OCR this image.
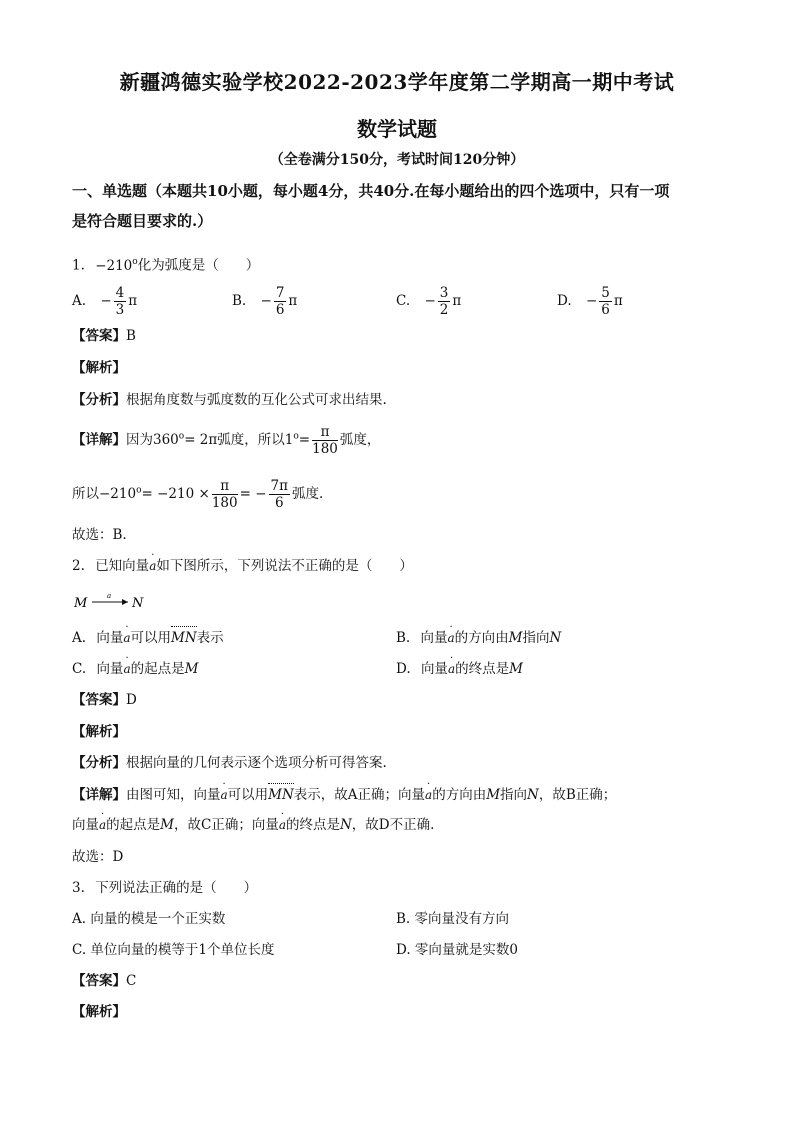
新疆鸿德实验学校2022-2023学年度第二学期高一期中考试
数学试题
（全卷满分150分，考试时间120分钟）
一、单选题（本题共10小题，每小题4分，共40分.在每小题给出的四个选项中，只有一项
是符合题目要求的.）
1. $-210^o$化为弧度是（　　）
A. − $\frac{4}{3}$ π	B. − $\frac{7}{6}$ π	C. − $\frac{3}{2}$ π	D. − $\frac{5}{6}$ π
【答案】B
【解析】
【分析】根据角度数与弧度数的互化公式可求出结果.
【详解】因为$360^o= 2\pi$弧度，所以$1^o= \frac{\pi}{180}$ 弧度，
所以$-210^o= -210 \times \frac{\pi}{180}$ = − $\frac{7\pi}{6}$ 弧度.
故选：B.
2. 已知向量· a如下图所示，下列说法不正确的是（　　）
M	a N
A. 向量· a可以用MN表示	B. 向量· a的方向由M指向N
C. 向量· a的起点是M	D. 向量· a的终点是M
【答案】D
【解析】
【分析】根据向量的几何表示逐个选项分析可得答案.
【详解】由图可知，向量· a可以用MN表示，故A正确；向量· a的方向由M指向N，故B正确；
向量· a的起点是M，故C正确；向量· a的终点是N，故D不正确.
故选：D
3. 下列说法正确的是（　　）
A. 向量的模是一个正实数	B. 零向量没有方向
C. 单位向量的模等于1个单位长度	D. 零向量就是实数0
【答案】C
【解析】
